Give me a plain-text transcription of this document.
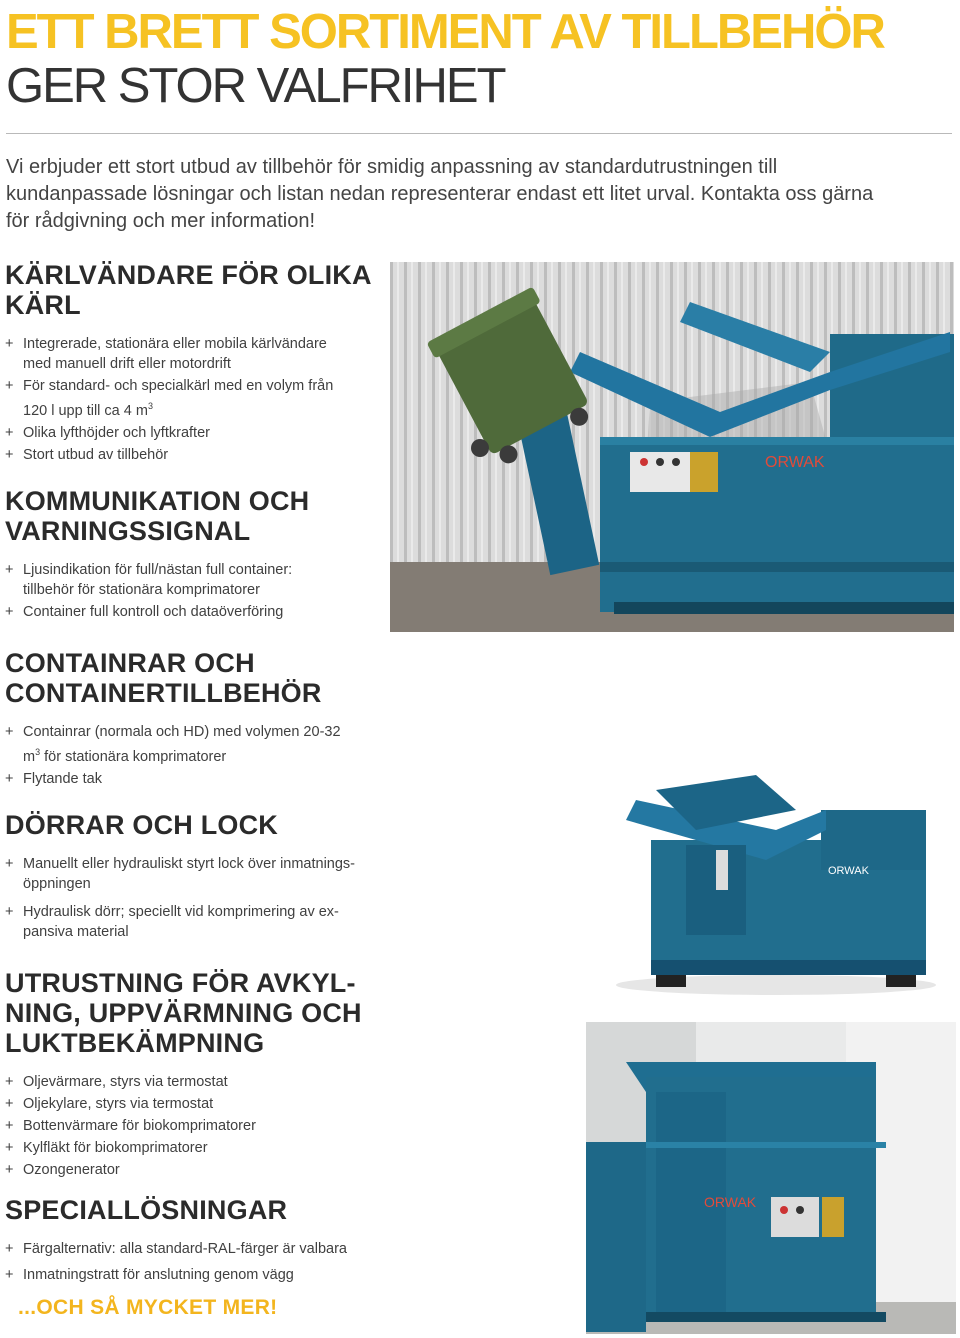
ETT BRETT SORTIMENT AV TILLBEHÖR
GER STOR VALFRIHET

Vi erbjuder ett stort utbud av tillbehör för smidig anpassning av standardutrustningen till kundanpassade lösningar och listan nedan representerar endast ett litet urval. Kontakta oss gärna för rådgivning och mer information!

KÄRLVÄNDARE FÖR OLIKA KÄRL
+ Integrerade, stationära eller mobila kärlvändare med manuell drift eller motordrift
+ För standard- och specialkärl med en volym från 120 l upp till ca 4 $m^3$
+ Olika lyfthöjder och lyftkrafter
+ Stort utbud av tillbehör
KOMMUNIKATION OCH VARNINGSSIGNAL
+ Ljusindikation för full/nästan full container: tillbehör för stationära komprimatorer
+ Container full kontroll och dataöverföring
CONTAINRAR OCH CONTAINERTILLBEHÖR
+ Containrar (normala och HD) med volymen 20-32 $m^3$ för stationära komprimatorer
+ Flytande tak
DÖRRAR OCH LOCK
+ Manuellt eller hydrauliskt styrt lock över inmatnings-öppningen
+ Hydraulisk dörr; speciellt vid komprimering av ex-pansiva material
UTRUSTNING FÖR AVKYL-NING, UPPVÄRMNING OCH LUKTBEKÄMPNING
+ Oljevärmare, styrs via termostat
+ Oljekylare, styrs via termostat
+ Bottenvärmare för biokomprimatorer
+ Kylfläkt för biokomprimatorer
+ Ozongenerator
SPECIALLÖSNINGAR
+ Färgalternativ: alla standard-RAL-färger är valbara
+ Inmatningstratt för anslutning genom vägg

...OCH SÅ MYCKET MER!

ORWAK
ORWAK
ORWAK
